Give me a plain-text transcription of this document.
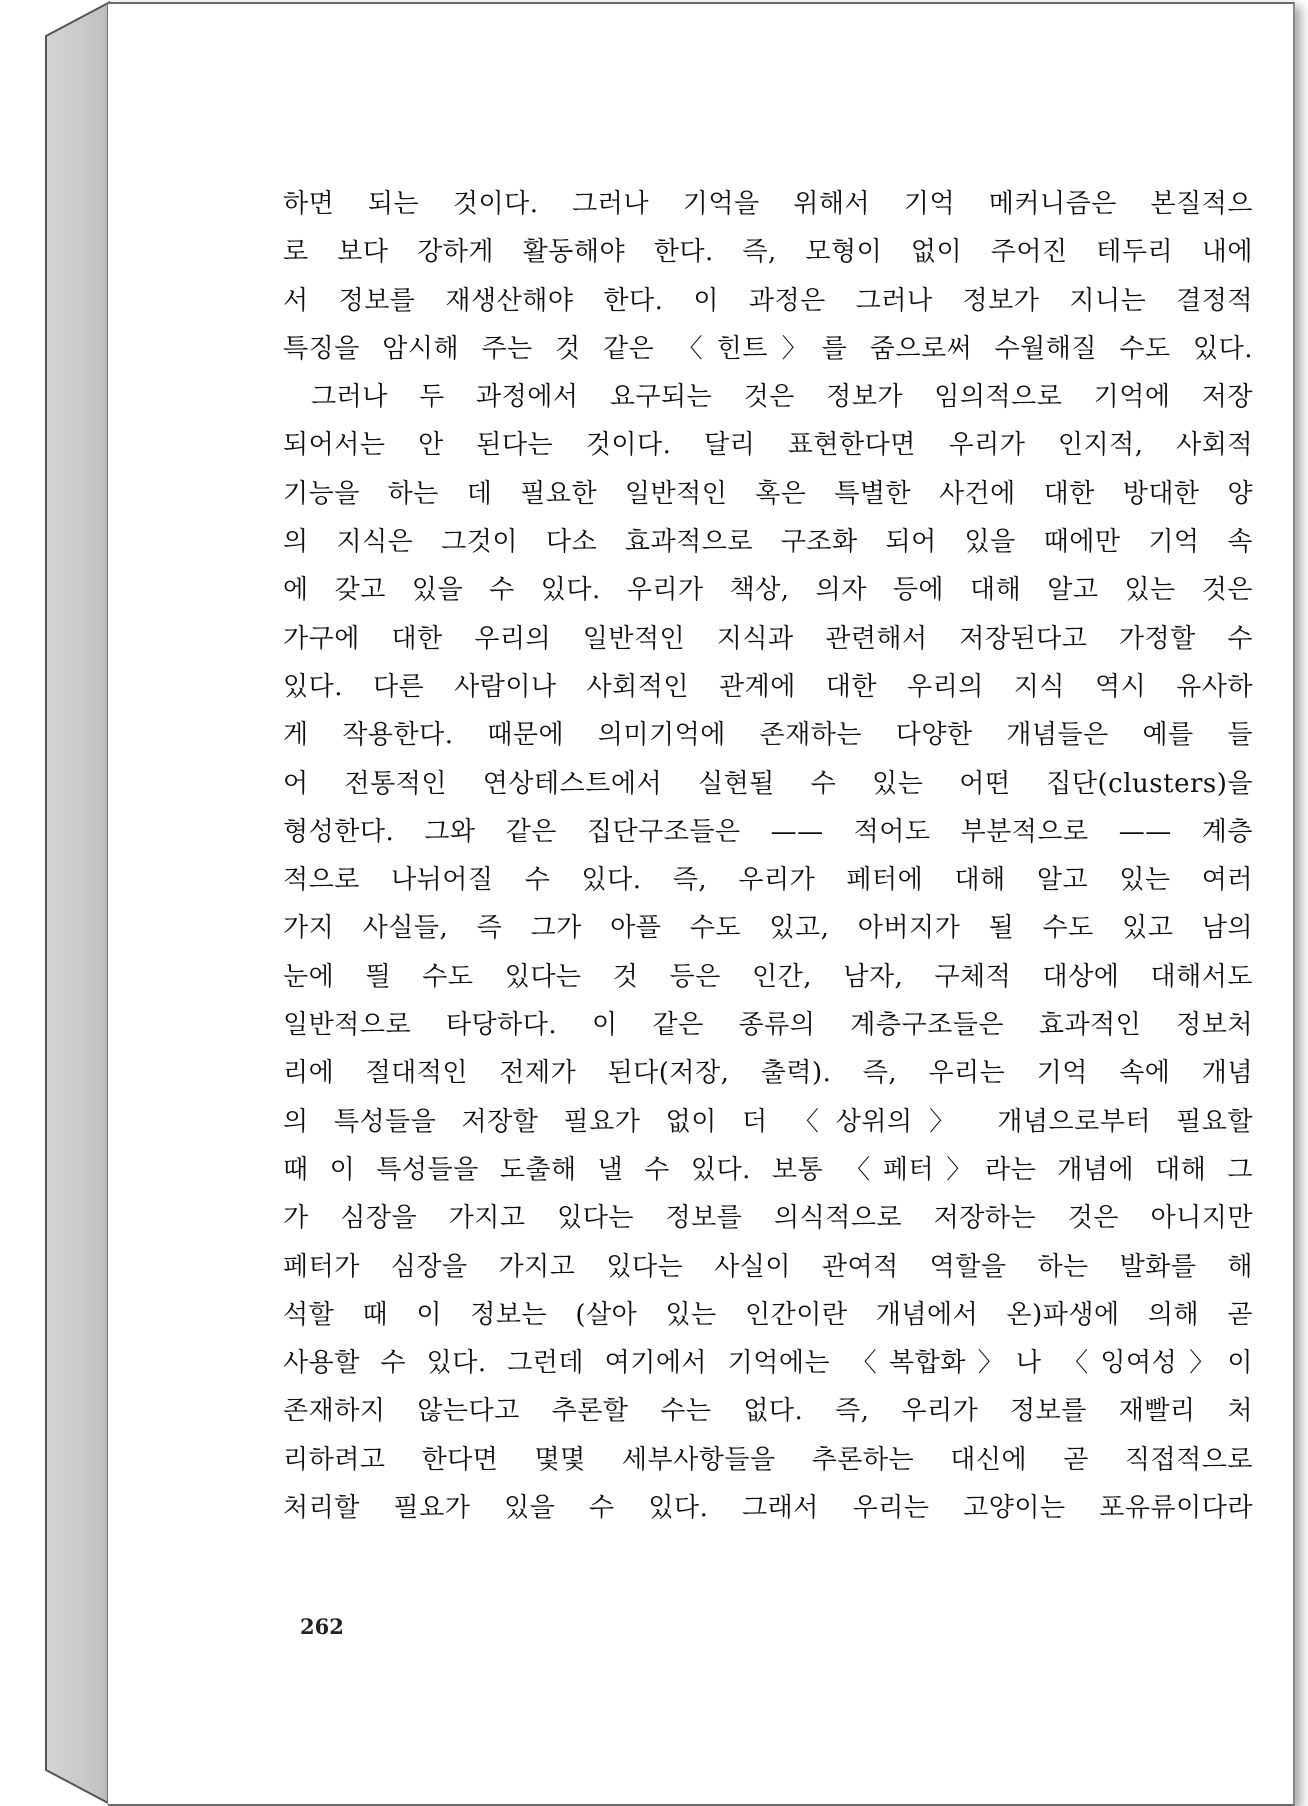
하면 되는 것이다. 그러나 기억을 위해서 기억 메커니즘은 본질적으
로 보다 강하게 활동해야 한다. 즉, 모형이 없이 주어진 테두리 내에
서 정보를 재생산해야 한다. 이 과정은 그러나 정보가 지니는 결정적
특징을 암시해 주는 것 같은 〈힌트〉를 줌으로써 수월해질 수도 있다.
그러나 두 과정에서 요구되는 것은 정보가 임의적으로 기억에 저장
되어서는 안 된다는 것이다. 달리 표현한다면 우리가 인지적, 사회적
기능을 하는 데 필요한 일반적인 혹은 특별한 사건에 대한 방대한 양
의 지식은 그것이 다소 효과적으로 구조화 되어 있을 때에만 기억 속
에 갖고 있을 수 있다. 우리가 책상, 의자 등에 대해 알고 있는 것은
가구에 대한 우리의 일반적인 지식과 관련해서 저장된다고 가정할 수
있다. 다른 사람이나 사회적인 관계에 대한 우리의 지식 역시 유사하
게 작용한다. 때문에 의미기억에 존재하는 다양한 개념들은 예를 들
어 전통적인 연상테스트에서 실현될 수 있는 어떤 집단(clusters)을
형성한다. 그와 같은 집단구조들은 —— 적어도 부분적으로 —— 계층
적으로 나뉘어질 수 있다. 즉, 우리가 페터에 대해 알고 있는 여러
가지 사실들, 즉 그가 아플 수도 있고, 아버지가 될 수도 있고 남의
눈에 띌 수도 있다는 것 등은 인간, 남자, 구체적 대상에 대해서도
일반적으로 타당하다. 이 같은 종류의 계층구조들은 효과적인 정보처
리에 절대적인 전제가 된다(저장, 출력). 즉, 우리는 기억 속에 개념
의 특성들을 저장할 필요가 없이 더 〈상위의〉 개념으로부터 필요할
때 이 특성들을 도출해 낼 수 있다. 보통 〈페터〉라는 개념에 대해 그
가 심장을 가지고 있다는 정보를 의식적으로 저장하는 것은 아니지만
페터가 심장을 가지고 있다는 사실이 관여적 역할을 하는 발화를 해
석할 때 이 정보는 (살아 있는 인간이란 개념에서 온)파생에 의해 곧
사용할 수 있다. 그런데 여기에서 기억에는 〈복합화〉나 〈잉여성〉이
존재하지 않는다고 추론할 수는 없다. 즉, 우리가 정보를 재빨리 처
리하려고 한다면 몇몇 세부사항들을 추론하는 대신에 곧 직접적으로
처리할 필요가 있을 수 있다. 그래서 우리는 고양이는 포유류이다라
262
